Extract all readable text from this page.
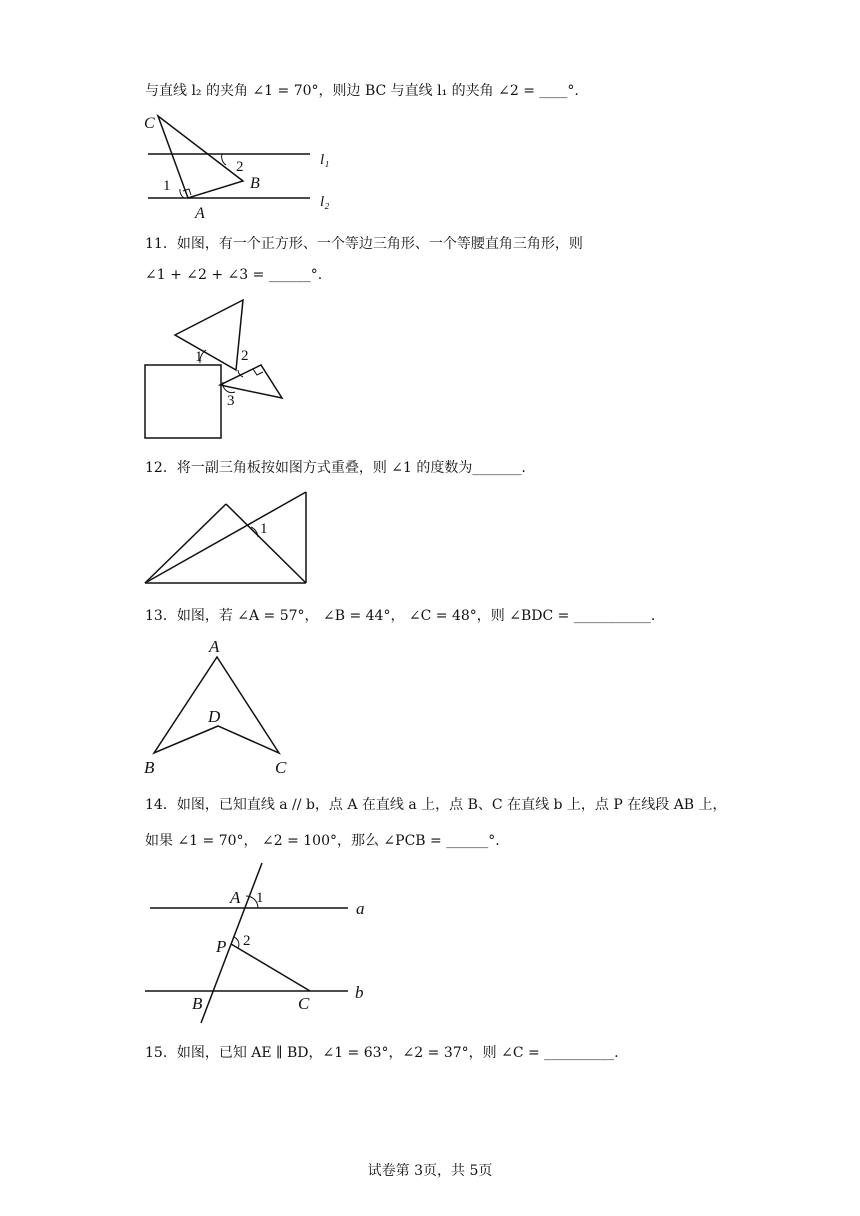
与直线 l₂ 的夹角 ∠1 = 70°，则边 BC 与直线 l₁ 的夹角 ∠2 = ____°.
C
B
A
1
2	l₁
l₂
11．如图，有一个正方形、一个等边三角形、一个等腰直角三角形，则
∠1 + ∠2 + ∠3 = ______°.
1	2
3
12．将一副三角板按如图方式重叠，则 ∠1 的度数为_______.
1
13．如图，若 ∠A = 57°， ∠B = 44°， ∠C = 48°，则 ∠BDC = ___________.
A
D
B	C
14．如图，已知直线 a // b，点 A 在直线 a 上，点 B、C 在直线 b 上，点 P 在线段 AB 上，
如果 ∠1 = 70°， ∠2 = 100°，那么 ∠PCB = ______°.
A 1
a
P 2
B	C
b
15．如图，已知 AE ∥ BD，∠1 = 63°，∠2 = 37°，则 ∠C = __________.
试卷第 3页，共 5页
